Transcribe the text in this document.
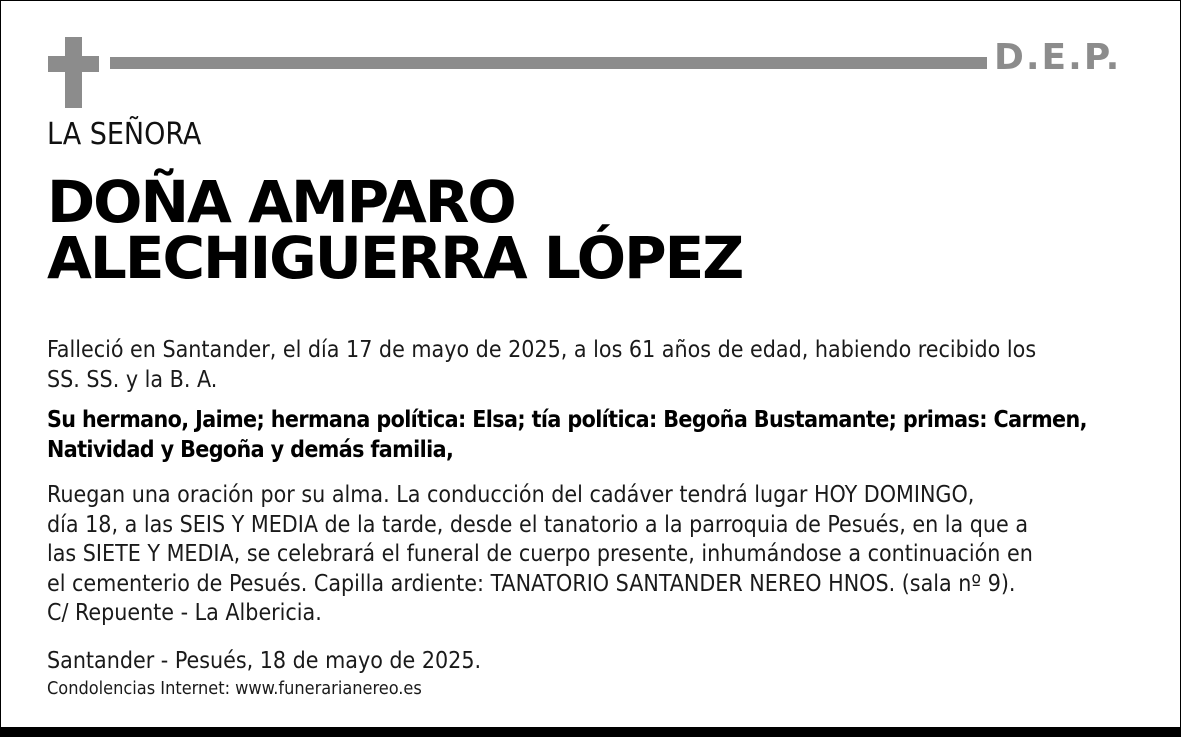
D.E.P.
LA SEÑORA
DOÑA AMPARO
ALECHIGUERRA LÓPEZ
Falleció en Santander, el día 17 de mayo de 2025, a los 61 años de edad, habiendo recibido los
SS. SS. y la B. A.
Su hermano, Jaime; hermana política: Elsa; tía política: Begoña Bustamante; primas: Carmen,
Natividad y Begoña y demás familia,
Ruegan una oración por su alma. La conducción del cadáver tendrá lugar HOY DOMINGO,
día 18, a las SEIS Y MEDIA de la tarde, desde el tanatorio a la parroquia de Pesués, en la que a
las SIETE Y MEDIA, se celebrará el funeral de cuerpo presente, inhumándose a continuación en
el cementerio de Pesués. Capilla ardiente: TANATORIO SANTANDER NEREO HNOS. (sala nº 9).
C/ Repuente - La Albericia.
Santander - Pesués, 18 de mayo de 2025.
Condolencias Internet: www.funerarianereo.es
